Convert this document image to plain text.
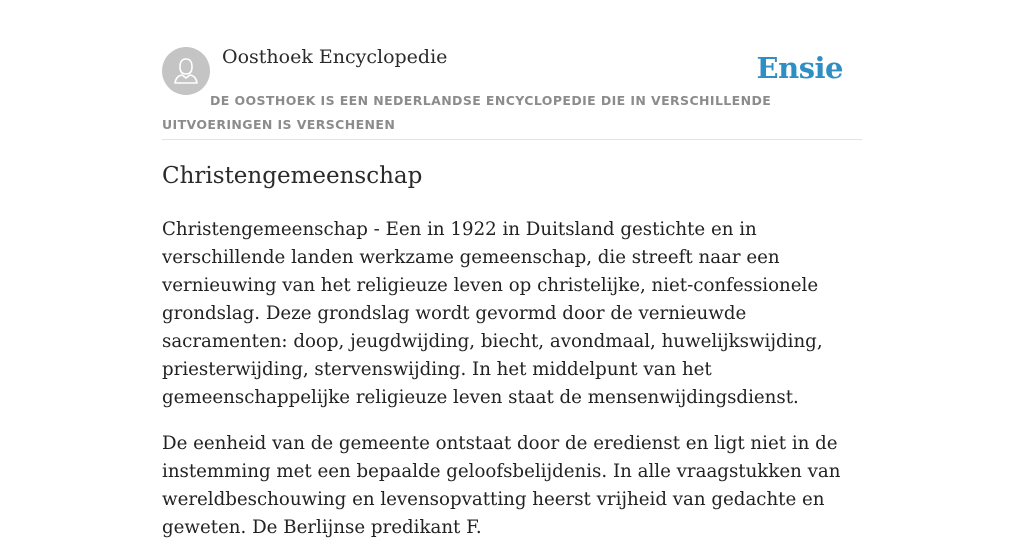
Oosthoek Encyclopedie	Ensie
DE OOSTHOEK IS EEN NEDERLANDSE ENCYCLOPEDIE DIE IN VERSCHILLENDE UITVOERINGEN IS VERSCHENEN
Christengemeenschap

Christengemeenschap - Een in 1922 in Duitsland gestichte en in verschillende landen werkzame gemeenschap, die streeft naar een vernieuwing van het religieuze leven op christelijke, niet-confessionele grondslag. Deze grondslag wordt gevormd door de vernieuwde sacramenten: doop, jeugdwijding, biecht, avondmaal, huwelijkswijding, priesterwijding, stervenswijding. In het middelpunt van het gemeenschappelijke religieuze leven staat de mensenwijdingsdienst.

De eenheid van de gemeente ontstaat door de eredienst en ligt niet in de instemming met een bepaalde geloofsbelijdenis. In alle vraagstukken van wereldbeschouwing en levensopvatting heerst vrijheid van gedachte en geweten. De Berlijnse predikant F.
